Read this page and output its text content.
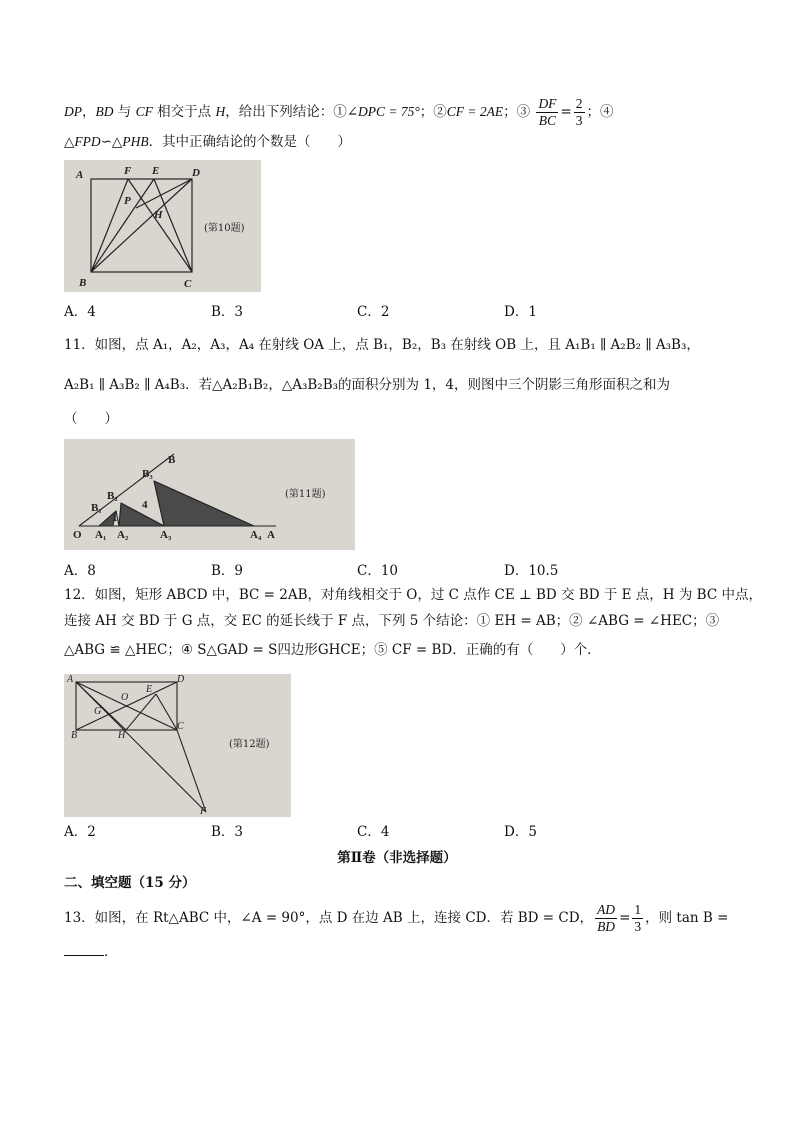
DP，BD 与 CF 相交于点 H，给出下列结论：①∠DPC = 75°；②CF = 2AE；③ $\frac{DF}{BC} = \frac{2}{3}$ ；④
△FPD∽△PHB．其中正确结论的个数是（　　）
A	F E	D
P
H
B	C
(第10题)
A．4	B．3	C．2	D．1
11．如图，点 A₁，A₂，A₃，A₄ 在射线 OA 上，点 B₁，B₂，B₃ 在射线 OB 上，且 A₁B₁ ∥ A₂B₂ ∥ A₃B₃，
A₂B₁ ∥ A₃B₂ ∥ A₄B₃．若△A₂B₁B₂，△A₃B₂B₃的面积分别为 1，4，则图中三个阴影三角形面积之和为
（　　）
O A₁ A₂	A₃	A₄ A
B
B₃
B₂
B₁
1
4
(第11题)
A．8	B．9	C．10	D．10.5
12．如图，矩形 ABCD 中，BC = 2AB，对角线相交于 O，过 C 点作 CE ⊥ BD 交 BD 于 E 点，H 为 BC 中点，
连接 AH 交 BD 于 G 点，交 EC 的延长线于 F 点，下列 5 个结论：① EH = AB；② ∠ABG = ∠HEC；③
△ABG ≌ △HEC；④ S△GAD = S四边形GHCE；⑤ CF = BD．正确的有（　　）个．
A	D
E
O
G
C
B	H
F
(第12题)
A．2	B．3	C．4	D．5
第Ⅱ卷（非选择题）
二、填空题（15 分）
13．如图，在 Rt△ABC 中，∠A = 90°，点 D 在边 AB 上，连接 CD．若 BD = CD， $\frac{AD}{BD} = \frac{1}{3}$ ，则 tan B =
．
